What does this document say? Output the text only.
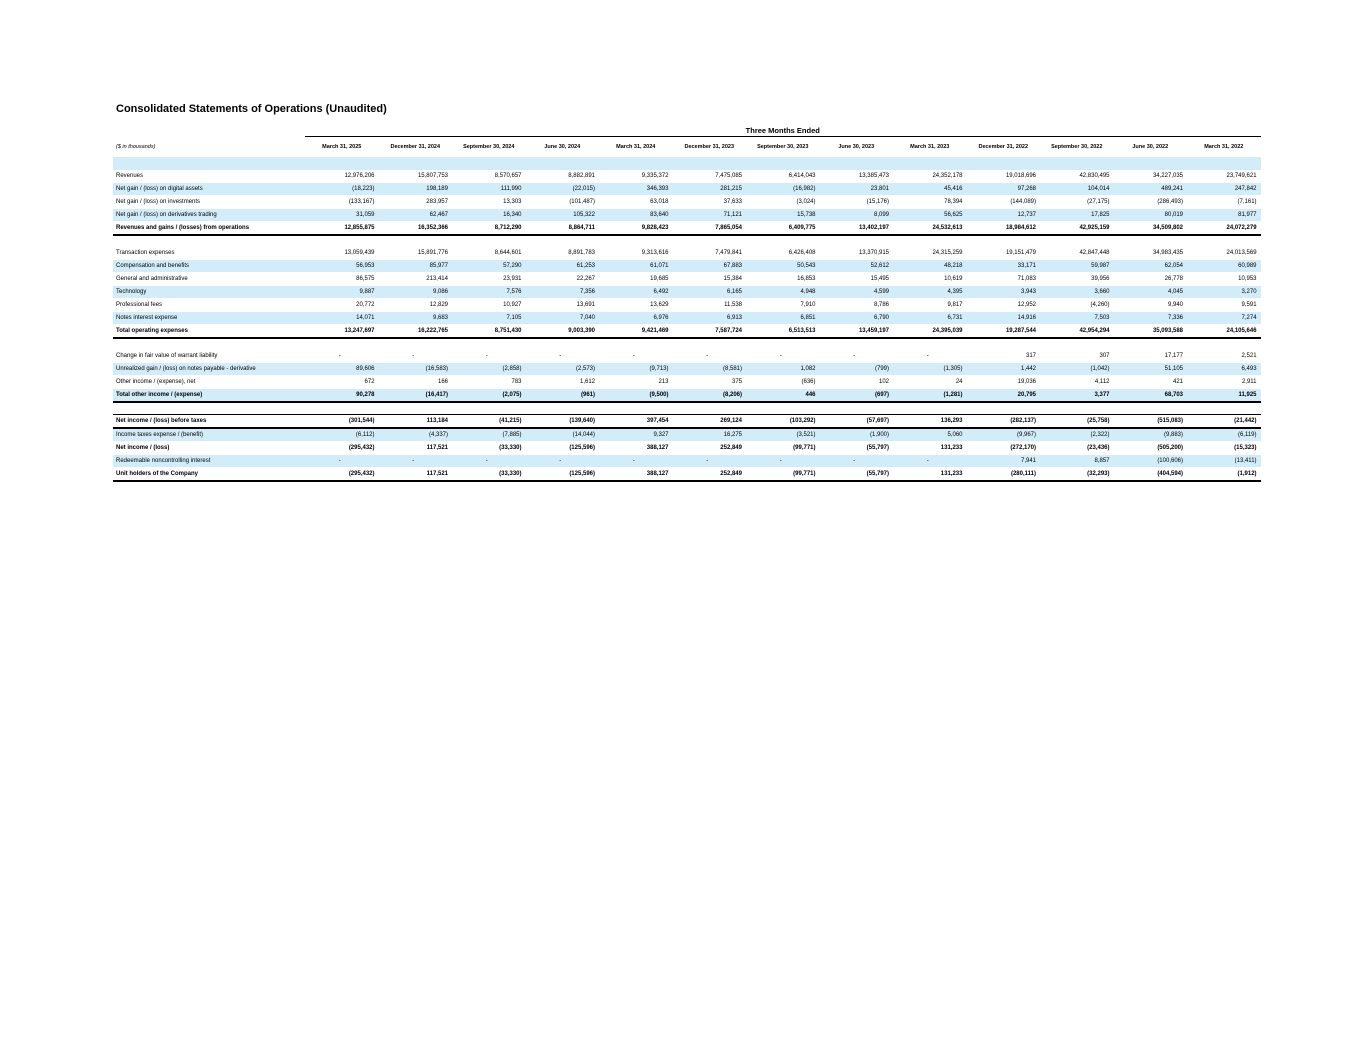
Consolidated Statements of Operations (Unaudited)
	Three Months Ended												
($ in thousands)	March 31, 2025	December 31, 2024	September 30, 2024	June 30, 2024	March 31, 2024	December 31, 2023	September 30, 2023	June 30, 2023	March 31, 2023	December 31, 2022	September 30, 2022	June 30, 2022	March 31, 2022

Revenues	12,976,206	15,807,753	8,570,657	8,882,891	9,335,372	7,475,085	6,414,043	13,385,473	24,352,178	19,018,696	42,830,495	34,227,035	23,749,621
Net gain / (loss) on digital assets	(18,223)	198,189	111,990	(22,015)	346,393	281,215	(16,982)	23,801	45,416	97,268	104,014	489,241	247,842
Net gain / (loss) on investments	(133,167)	283,957	13,303	(101,487)	63,018	37,633	(3,024)	(15,176)	78,394	(144,089)	(27,175)	(286,493)	(7,161)
Net gain / (loss) on derivatives trading	31,059	62,467	16,340	105,322	83,640	71,121	15,738	8,099	56,625	12,737	17,825	80,019	81,977
Revenues and gains / (losses) from operations	12,855,875	16,352,366	8,712,290	8,864,711	9,828,423	7,865,054	6,409,775	13,402,197	24,532,613	18,984,612	42,925,159	34,509,802	24,072,279

Transaction expenses	13,059,439	15,891,776	8,644,601	8,891,783	9,313,616	7,479,841	6,426,408	13,370,915	24,315,259	19,151,479	42,847,448	34,983,435	24,013,569
Compensation and benefits	56,953	85,977	57,290	61,253	61,071	67,883	50,543	52,612	48,218	33,171	59,987	62,054	60,989
General and administrative	86,575	213,414	23,931	22,267	19,685	15,384	16,853	15,495	10,619	71,083	39,956	26,778	10,953
Technology	9,887	9,086	7,576	7,356	6,492	6,165	4,948	4,599	4,395	3,943	3,660	4,045	3,270
Professional fees	20,772	12,829	10,927	13,691	13,629	11,538	7,910	8,786	9,817	12,952	(4,260)	9,940	9,591
Notes interest expense	14,071	9,683	7,105	7,040	6,976	6,913	6,851	6,790	6,731	14,916	7,503	7,336	7,274
Total operating expenses	13,247,697	16,222,765	8,751,430	9,003,390	9,421,469	7,587,724	6,513,513	13,459,197	24,395,039	19,287,544	42,954,294	35,093,588	24,105,646

Change in fair value of warrant liability	-	-	-	-	-	-	-	-	-	317	307	17,177	2,521
Unrealized gain / (loss) on notes payable - derivative	89,606	(16,583)	(2,858)	(2,573)	(9,713)	(8,581)	1,082	(799)	(1,305)	1,442	(1,042)	51,105	6,493
Other income / (expense), net	672	166	783	1,612	213	375	(636)	102	24	19,036	4,112	421	2,911
Total other income / (expense)	90,278	(16,417)	(2,075)	(961)	(9,500)	(8,206)	446	(697)	(1,281)	20,795	3,377	68,703	11,925

Net income / (loss) before taxes	(301,544)	113,184	(41,215)	(139,640)	397,454	269,124	(103,292)	(57,697)	136,293	(282,137)	(25,758)	(515,083)	(21,442)
Income taxes expense / (benefit)	(6,112)	(4,337)	(7,885)	(14,044)	9,327	16,275	(3,521)	(1,900)	5,060	(9,967)	(2,322)	(9,883)	(6,119)
Net income / (loss)	(295,432)	117,521	(33,330)	(125,596)	388,127	252,849	(99,771)	(55,797)	131,233	(272,170)	(23,436)	(505,200)	(15,323)
Redeemable noncontrolling interest	-	-	-	-	-	-	-	-	-	7,941	8,857	(100,606)	(13,411)
Unit holders of the Company	(295,432)	117,521	(33,330)	(125,596)	388,127	252,849	(99,771)	(55,797)	131,233	(280,111)	(32,293)	(404,594)	(1,912)
